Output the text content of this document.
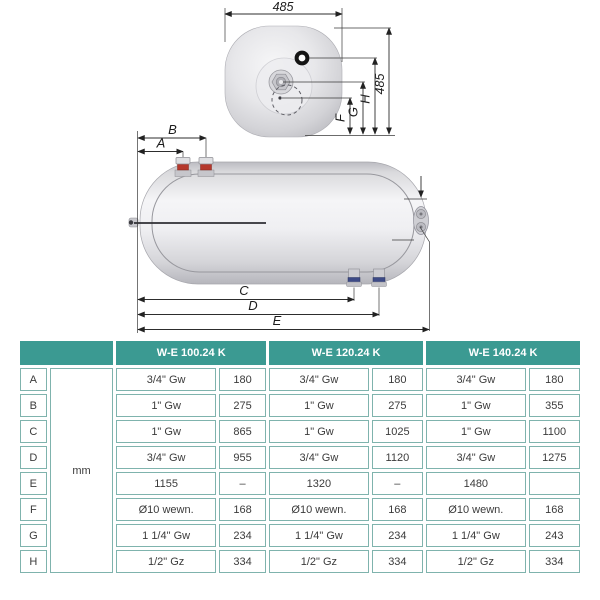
485
485
H
G
F
B
A
C
D
E
		W-E 100.24 K		W-E 120.24 K		W-E 140.24 K	
A	mm	3/4" Gw	180	3/4" Gw	180	3/4" Gw	180
B		1" Gw	275	1" Gw	275	1" Gw	355
C		1" Gw	865	1" Gw	1025	1" Gw	1100
D		3/4" Gw	955	3/4" Gw	1120	3/4" Gw	1275
E		1155	–	1320	–	1480	
F		Ø10 wewn.	168	Ø10 wewn.	168	Ø10 wewn.	168
G		1 1/4" Gw	234	1 1/4" Gw	234	1 1/4" Gw	243
H		1/2" Gz	334	1/2" Gz	334	1/2" Gz	334
